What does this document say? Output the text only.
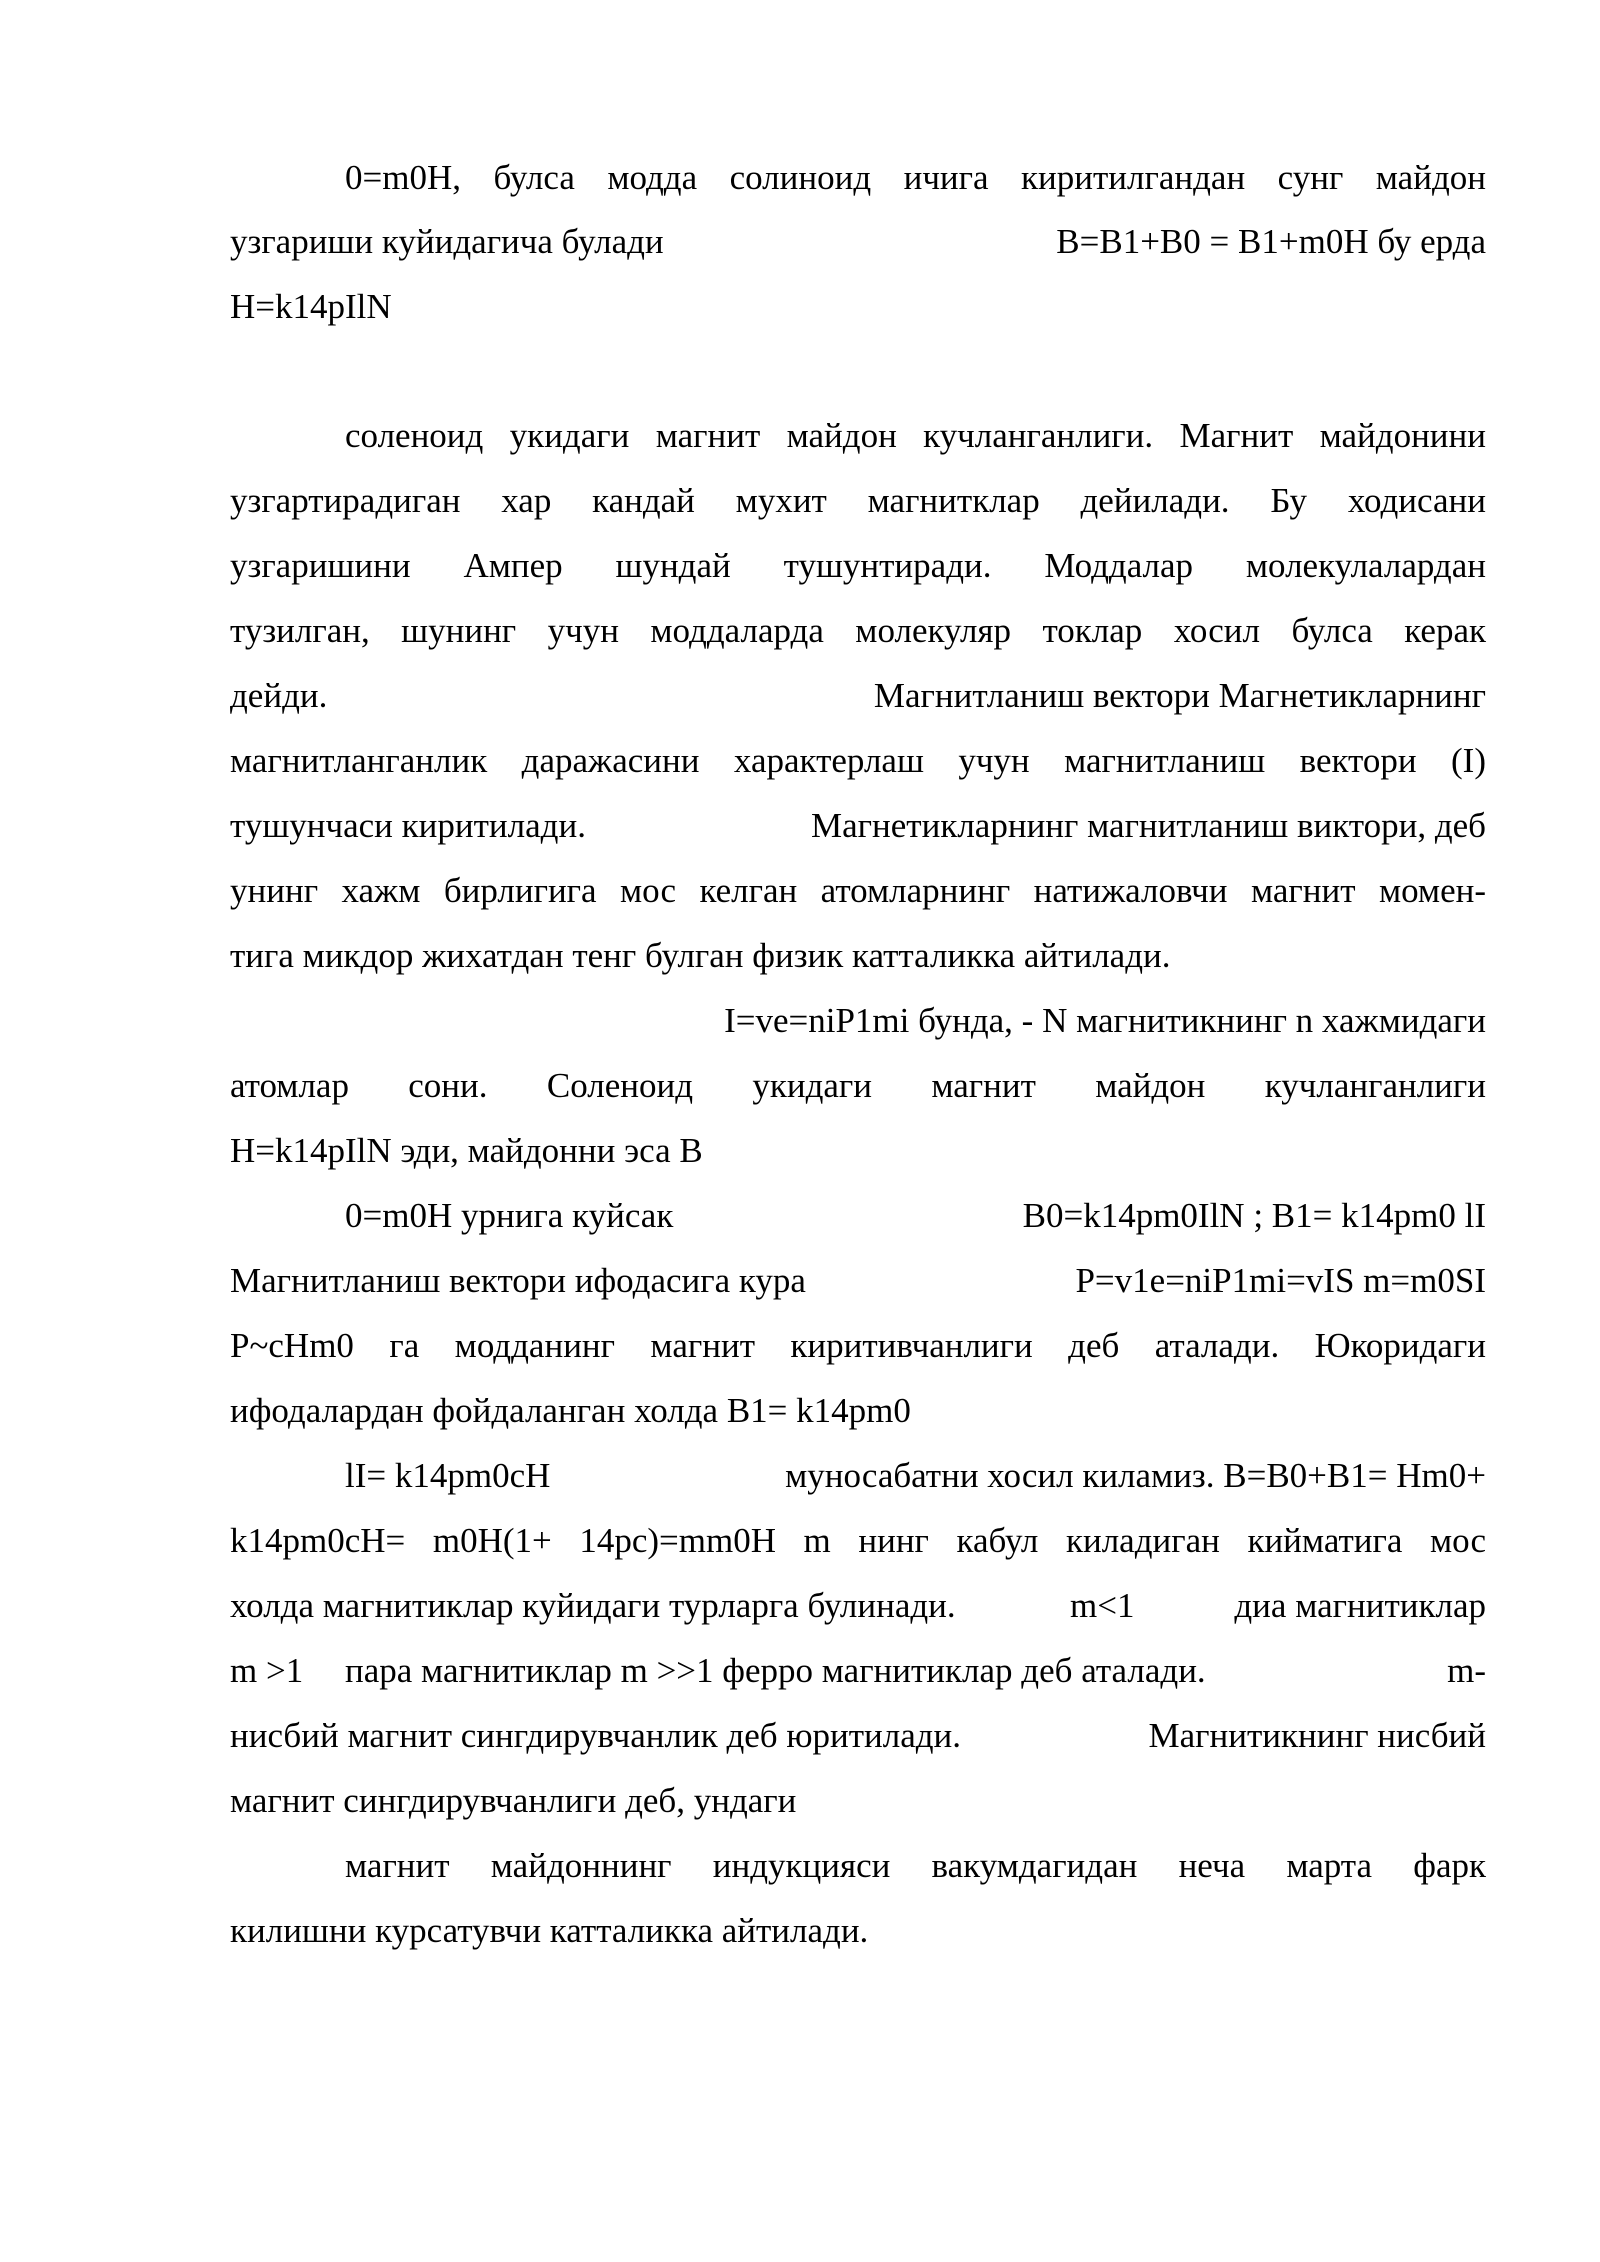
0=m0H, булса модда солиноид ичига киритилгандан сунг майдон
узгариши куйидагича булади	B=B1+B0 = B1+m0H бу ерда
H=k14pIlN
соленоид укидаги магнит майдон кучланганлиги. Магнит майдонини
узгартирадиган хар кандай мухит магнитклар дейилади. Бу ходисани
узгаришини Ампер шундай тушунтиради. Моддалар молекулалардан
тузилган, шунинг учун моддаларда молекуляр токлар хосил булса керак
дейди.	Магнитланиш вектори Магнетикларнинг
магнитланганлик даражасини характерлаш учун магнитланиш вектори (I)
тушунчаси киритилади.	Магнетикларнинг магнитланиш виктори, деб
унинг хажм бирлигига мос келган атомларнинг натижаловчи магнит момен-
тига микдор жихатдан тенг булган физик катталикка айтилади.
I=ve=niP1mi бунда, - N магнитикнинг n хажмидаги
атомлар сони. Соленоид укидаги магнит майдон кучланганлиги
H=k14pIlN эди, майдонни эса B
0=m0H урнига куйсак	B0=k14pm0IlN ; B1= k14pm0 lI
Магнитланиш вектори ифодасига кура	P=v1e=niP1mi=vIS m=m0SI
P~cHm0 га модданинг магнит киритивчанлиги деб аталади. Юкоридаги
ифодалардан фойдаланган холда B1= k14pm0
lI= k14pm0cH	муносабатни хосил киламиз. B=B0+B1= Hm0+
k14pm0cH= m0H(1+ 14pc)=mm0H m нинг кабул киладиган кийматига мос
холда магнитиклар куйидаги турларга булинади.	m<1	диа магнитиклар
m >1 пара магнитиклар m >>1 ферро магнитиклар деб аталади.	m-
нисбий магнит сингдирувчанлик деб юритилади.	Магнитикнинг нисбий
магнит сингдирувчанлиги деб, ундаги
магнит майдоннинг индукцияси вакумдагидан неча марта фарк
килишни курсатувчи катталикка айтилади.
